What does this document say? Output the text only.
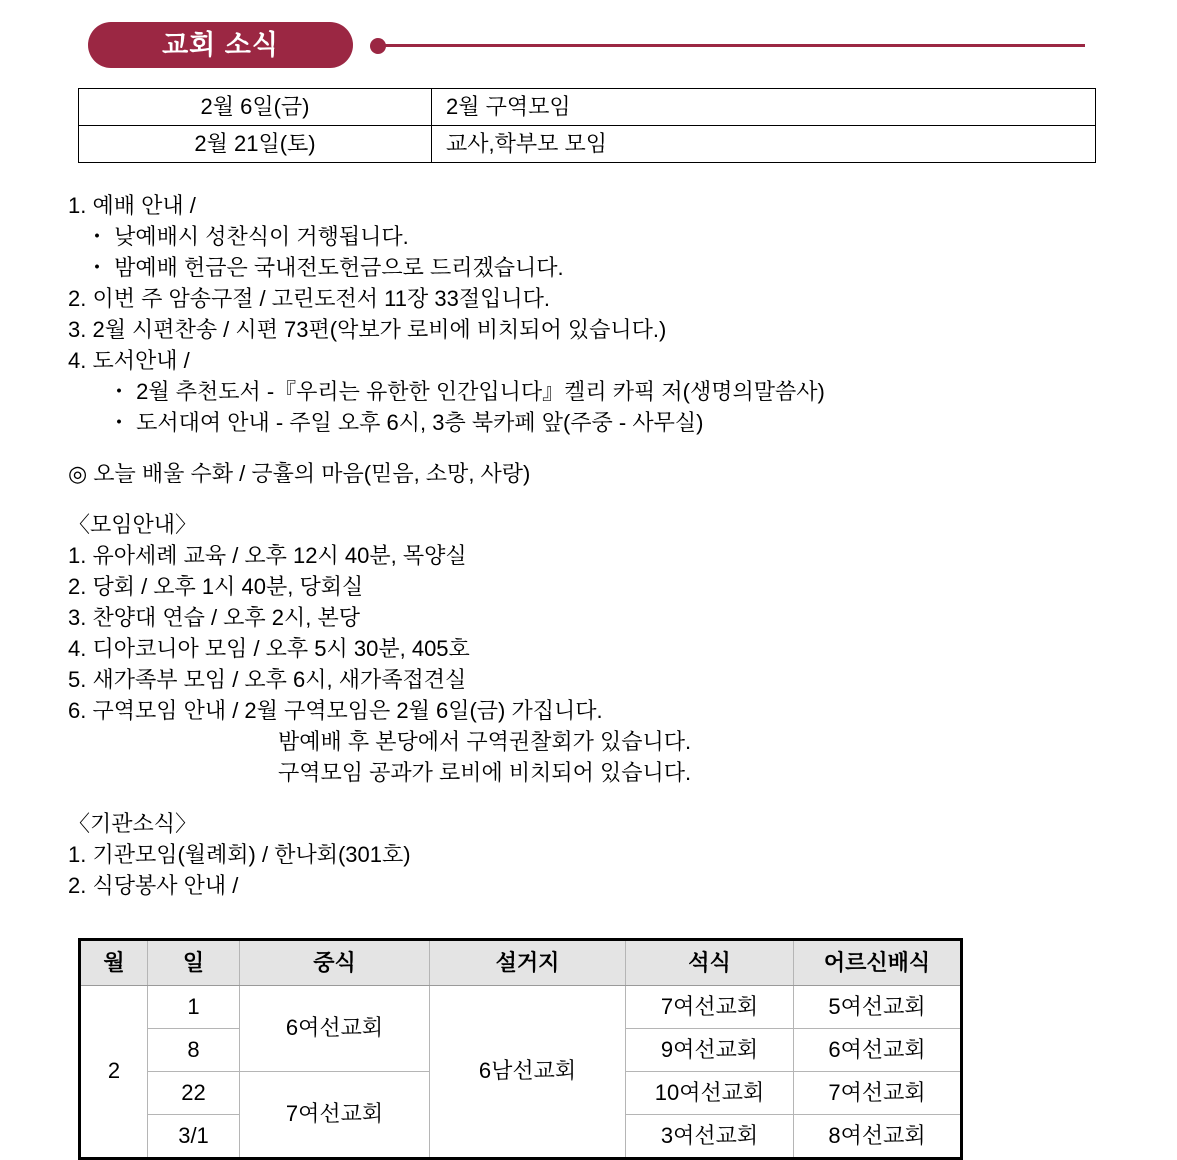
교회 소식
2월 6일(금)	2월 구역모임
2월 21일(토)	교사,학부모 모임
1. 예배 안내 /
・ 낮예배시 성찬식이 거행됩니다.
・ 밤예배 헌금은 국내전도헌금으로 드리겠습니다.
2. 이번 주 암송구절 / 고린도전서 11장 33절입니다.
3. 2월 시편찬송 / 시편 73편(악보가 로비에 비치되어 있습니다.)
4. 도서안내 /
・ 2월 추천도서 -『우리는 유한한 인간입니다』켈리 카픽 저(생명의말씀사)
・ 도서대여 안내 - 주일 오후 6시, 3층 북카페 앞(주중 - 사무실)
◎ 오늘 배울 수화 / 긍휼의 마음(믿음, 소망, 사랑)
〈모임안내〉
1. 유아세례 교육 / 오후 12시 40분, 목양실
2. 당회 / 오후 1시 40분, 당회실
3. 찬양대 연습 / 오후 2시, 본당
4. 디아코니아 모임 / 오후 5시 30분, 405호
5. 새가족부 모임 / 오후 6시, 새가족접견실
6. 구역모임 안내 / 2월 구역모임은 2월 6일(금) 가집니다.
밤예배 후 본당에서 구역권찰회가 있습니다.
구역모임 공과가 로비에 비치되어 있습니다.
〈기관소식〉
1. 기관모임(월례회) / 한나회(301호)
2. 식당봉사 안내 /
월	일	중식	설거지	석식	어르신배식
2	1	6여선교회	6남선교회	7여선교회	5여선교회
	8			9여선교회	6여선교회
	22	7여선교회		10여선교회	7여선교회
	3/1			3여선교회	8여선교회
